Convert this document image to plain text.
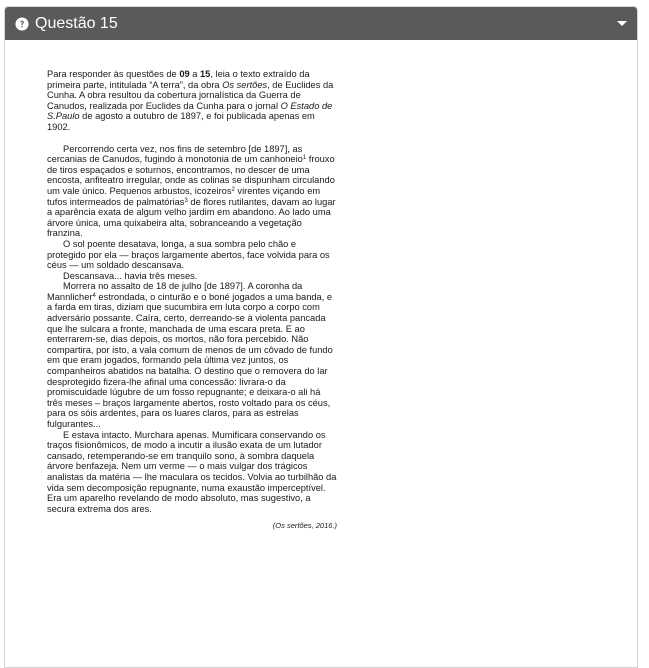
Questão 15

Para responder às questões de 09 a 15, leia o texto extraído da primeira parte, intitulada “A terra”, da obra Os sertões, de Euclides da Cunha. A obra resultou da cobertura jornalística da Guerra de Canudos, realizada por Euclides da Cunha para o jornal O Estado de S.Paulo de agosto a outubro de 1897, e foi publicada apenas em 1902.

Percorrendo certa vez, nos fins de setembro [de 1897], as cercanias de Canudos, fugindo à monotonia de um canhoneio$^1$ frouxo de tiros espaçados e soturnos, encontramos, no descer de uma encosta, anfiteatro irregular, onde as colinas se dispunham circulando um vale único. Pequenos arbustos, icozeiros$^2$ virentes viçando em tufos intermeados de palmatórias$^3$ de flores rutilantes, davam ao lugar a aparência exata de algum velho jardim em abandono. Ao lado uma árvore única, uma quixabeira alta, sobranceando a vegetação franzina.

O sol poente desatava, longa, a sua sombra pelo chão e protegido por ela — braços largamente abertos, face volvida para os céus — um soldado descansava.

Descansava... havia três meses.

Morrera no assalto de 18 de julho [de 1897]. A coronha da Mannlicher$^4$ estrondada, o cinturão e o boné jogados a uma banda, e a farda em tiras, diziam que sucumbira em luta corpo a corpo com adversário possante. Caíra, certo, derreando-se à violenta pancada que lhe sulcara a fronte, manchada de uma escara preta. E ao enterrarem-se, dias depois, os mortos, não fora percebido. Não compartira, por isto, a vala comum de menos de um côvado de fundo em que eram jogados, formando pela última vez juntos, os companheiros abatidos na batalha. O destino que o removera do lar desprotegido fizera-lhe afinal uma concessão: livrara-o da promiscuidade lúgubre de um fosso repugnante; e deixara-o ali há três meses – braços largamente abertos, rosto voltado para os céus, para os sóis ardentes, para os luares claros, para as estrelas fulgurantes...

E estava intacto. Murchara apenas. Mumificara conservando os traços fisionômicos, de modo a incutir a ilusão exata de um lutador cansado, retemperando-se em tranquilo sono, à sombra daquela árvore benfazeja. Nem um verme — o mais vulgar dos trágicos analistas da matéria — lhe maculara os tecidos. Volvia ao turbilhão da vida sem decomposição repugnante, numa exaustão imperceptível. Era um aparelho revelando de modo absoluto, mas sugestivo, a secura extrema dos ares.

(Os sertões, 2016.)
